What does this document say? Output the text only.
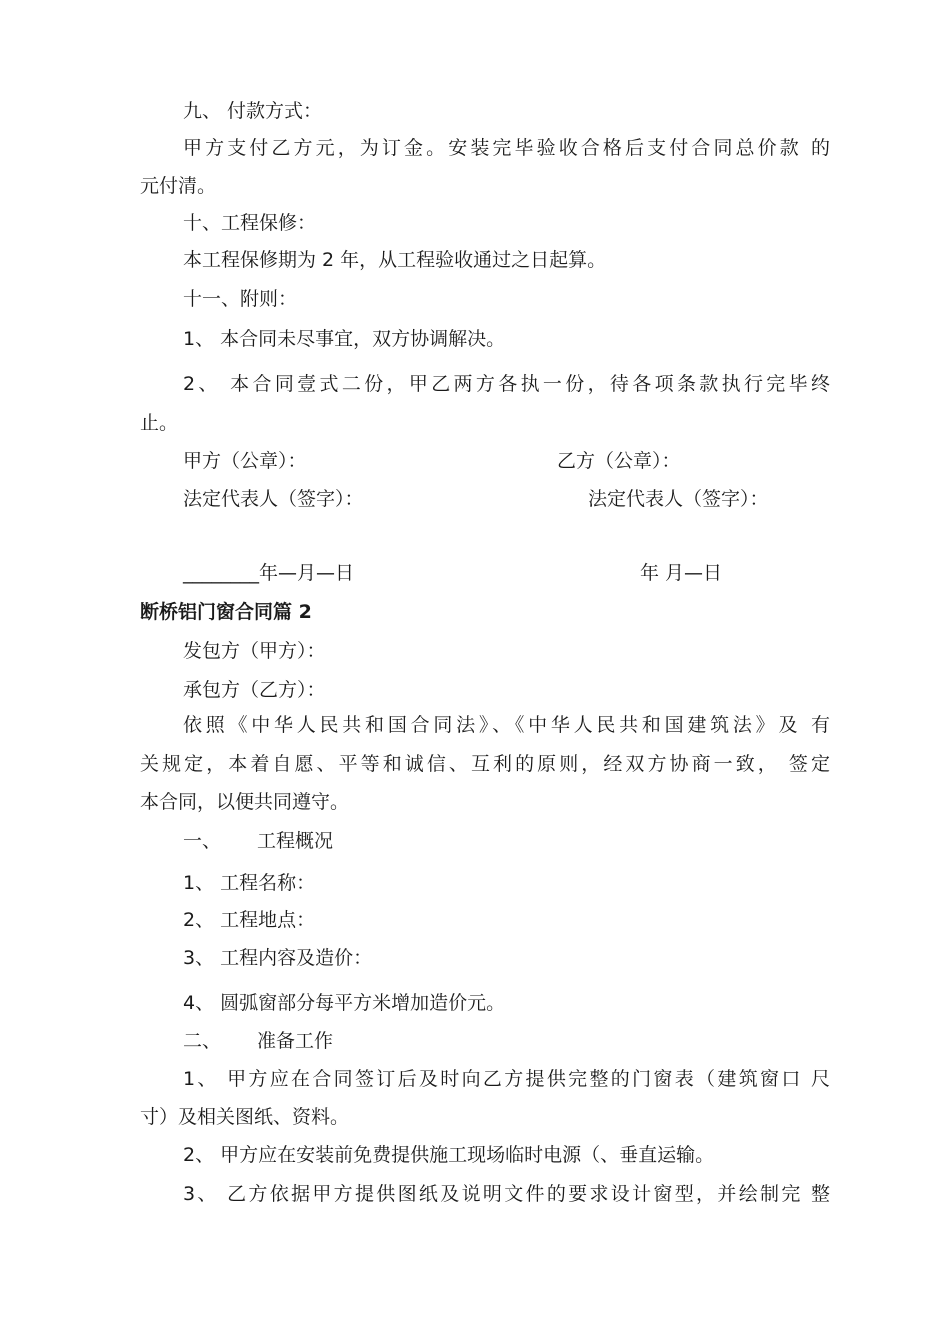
九、 付款方式：
甲方支付乙方元，为订金。安装完毕验收合格后支付合同总价款 的
元付清。
十、工程保修：
本工程保修期为 2 年，从工程验收通过之日起算。
十一、附则：
1、 本合同未尽事宜，双方协调解决。
2、 本合同壹式二份，甲乙两方各执一份，待各项条款执行完毕终
止。
甲方（公章）：	乙方（公章）：
法定代表人（签字）：	法定代表人（签字）：
________年—月—日	年 月—日
断桥铝门窗合同篇 2
发包方（甲方）：
承包方（乙方）：
依照《中华人民共和国合同法》、《中华人民共和国建筑法》及 有
关规定，本着自愿、平等和诚信、互利的原则，经双方协商一致， 签定
本合同，以便共同遵守。
一、 工程概况
1、 工程名称：
2、 工程地点：
3、 工程内容及造价：
4、 圆弧窗部分每平方米增加造价元。
二、 准备工作
1、 甲方应在合同签订后及时向乙方提供完整的门窗表（建筑窗口 尺
寸）及相关图纸、资料。
2、 甲方应在安装前免费提供施工现场临时电源（、垂直运输。
3、 乙方依据甲方提供图纸及说明文件的要求设计窗型，并绘制完 整
